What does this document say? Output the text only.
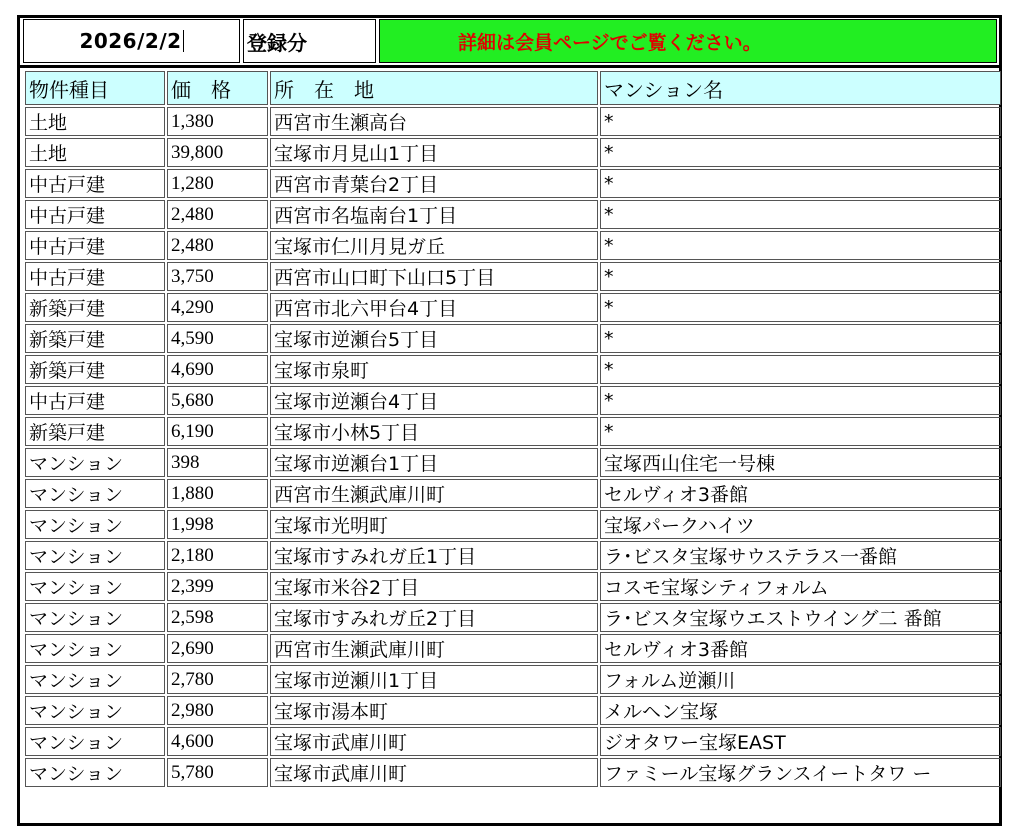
2026/2/2	登録分	詳細は会員ページでご覧ください。
物件種目	価　格	所　在　地	マンション名
土地	1,380	西宮市生瀬高台	*
土地	39,800	宝塚市月見山1丁目	*
中古戸建	1,280	西宮市青葉台2丁目	*
中古戸建	2,480	西宮市名塩南台1丁目	*
中古戸建	2,480	宝塚市仁川月見ガ丘	*
中古戸建	3,750	西宮市山口町下山口5丁目	*
新築戸建	4,290	西宮市北六甲台4丁目	*
新築戸建	4,590	宝塚市逆瀬台5丁目	*
新築戸建	4,690	宝塚市泉町	*
中古戸建	5,680	宝塚市逆瀬台4丁目	*
新築戸建	6,190	宝塚市小林5丁目	*
マンション	398	宝塚市逆瀬台1丁目	宝塚西山住宅一号棟
マンション	1,880	西宮市生瀬武庫川町	セルヴィオ3番館
マンション	1,998	宝塚市光明町	宝塚パークハイツ
マンション	2,180	宝塚市すみれガ丘1丁目	ラ･ビスタ宝塚サウステラス一番館
マンション	2,399	宝塚市米谷2丁目	コスモ宝塚シティフォルム
マンション	2,598	宝塚市すみれガ丘2丁目	ラ･ビスタ宝塚ウエストウイング二 番館
マンション	2,690	西宮市生瀬武庫川町	セルヴィオ3番館
マンション	2,780	宝塚市逆瀬川1丁目	フォルム逆瀬川
マンション	2,980	宝塚市湯本町	メルヘン宝塚
マンション	4,600	宝塚市武庫川町	ジオタワー宝塚EAST
マンション	5,780	宝塚市武庫川町	ファミール宝塚グランスイートタワ ー
